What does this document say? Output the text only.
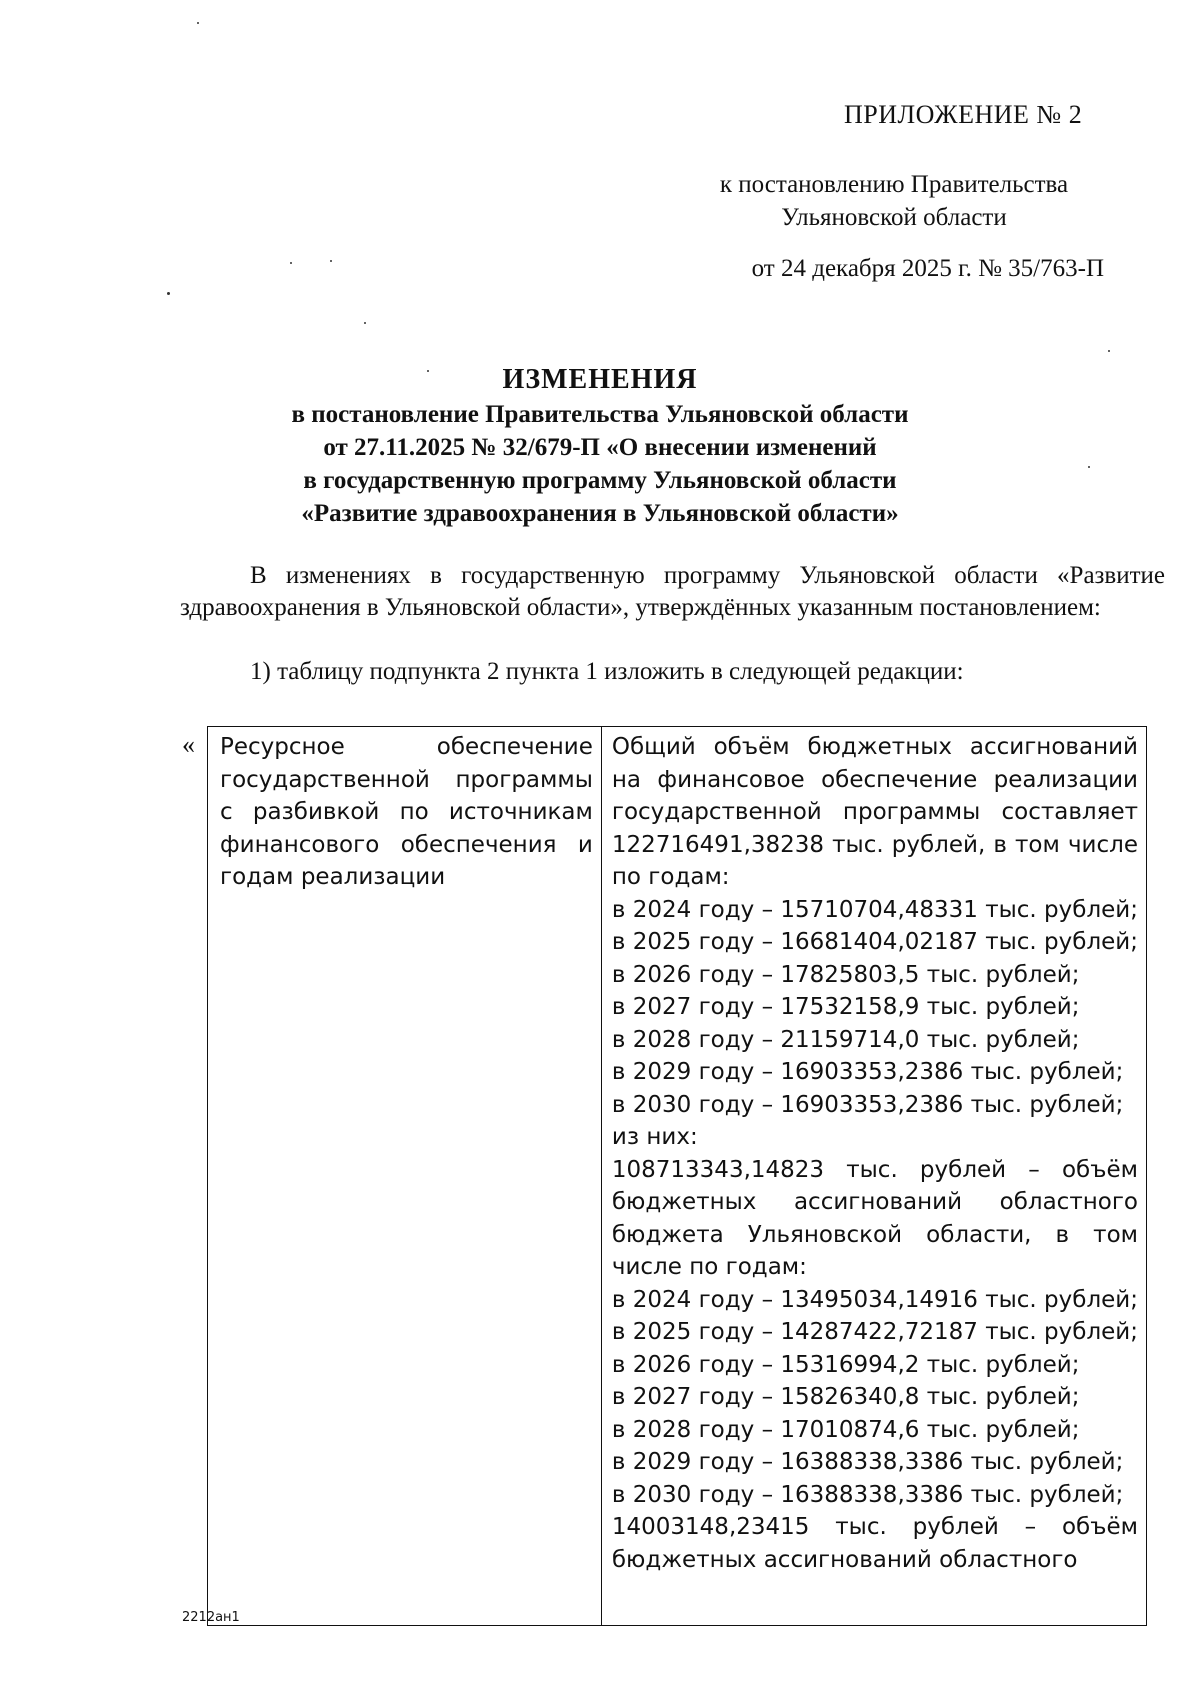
ПРИЛОЖЕНИЕ № 2
к постановлению Правительства
Ульяновской области
от 24 декабря 2025 г. № 35/763-П
ИЗМЕНЕНИЯ
в постановление Правительства Ульяновской области
от 27.11.2025 № 32/679-П «О внесении изменений
в государственную программу Ульяновской области
«Развитие здравоохранения в Ульяновской области»
В изменениях в государственную программу Ульяновской области «Развитие здравоохранения в Ульяновской области», утверждённых указанным постановлением:
1) таблицу подпункта 2 пункта 1 изложить в следующей редакции:
«	Ресурсное обеспечение государственной программы с разбивкой по источникам финансового обеспечения и годам реализации
Общий объём бюджетных ассигнований на финансовое обеспечение реализации государственной программы составляет 122716491,38238 тыс. рублей, в том числе по годам:
в 2024 году – 15710704,48331 тыс. рублей;
в 2025 году – 16681404,02187 тыс. рублей;
в 2026 году – 17825803,5 тыс. рублей;
в 2027 году – 17532158,9 тыс. рублей;
в 2028 году – 21159714,0 тыс. рублей;
в 2029 году – 16903353,2386 тыс. рублей;
в 2030 году – 16903353,2386 тыс. рублей;
из них:
108713343,14823 тыс. рублей – объём бюджетных ассигнований областного бюджета Ульяновской области, в том числе по годам:
в 2024 году – 13495034,14916 тыс. рублей;
в 2025 году – 14287422,72187 тыс. рублей;
в 2026 году – 15316994,2 тыс. рублей;
в 2027 году – 15826340,8 тыс. рублей;
в 2028 году – 17010874,6 тыс. рублей;
в 2029 году – 16388338,3386 тыс. рублей;
в 2030 году – 16388338,3386 тыс. рублей;
14003148,23415 тыс. рублей – объём бюджетных ассигнований областного
2212ан1
